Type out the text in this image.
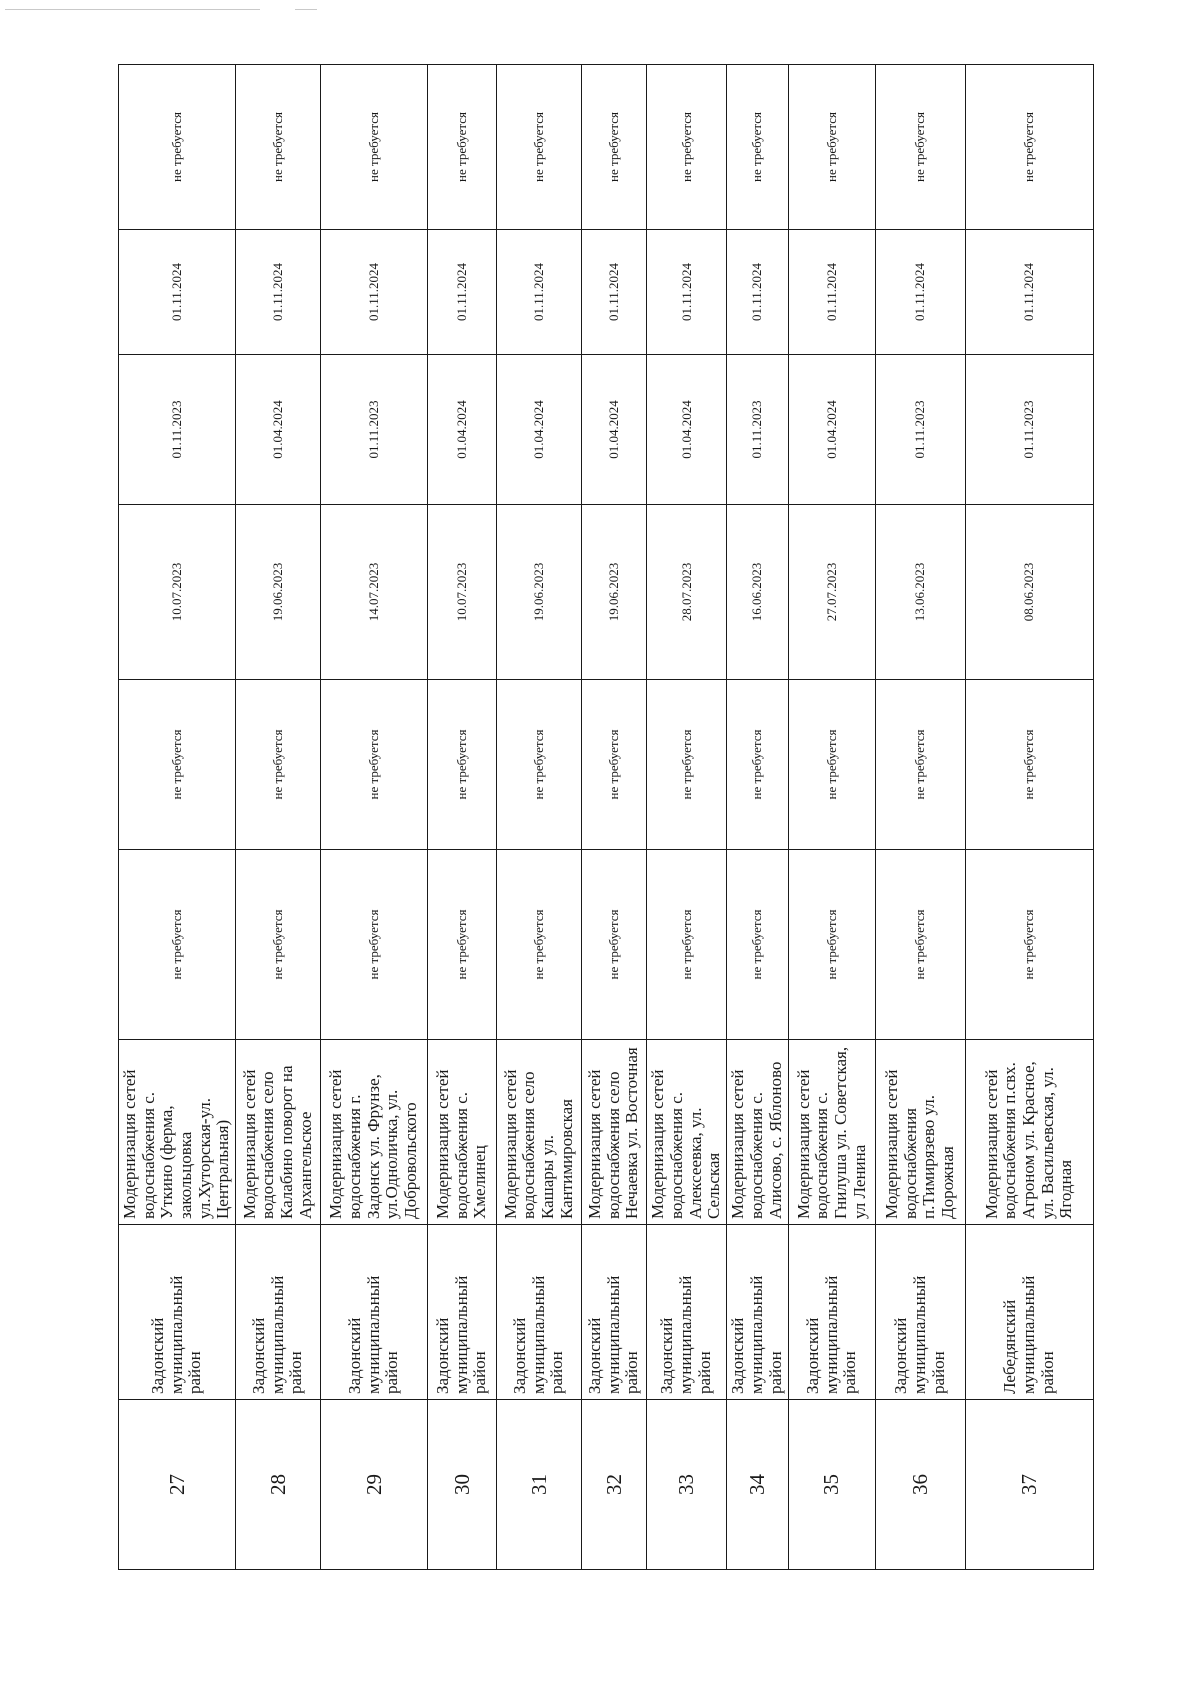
27	Задонский муниципальный район	Модернизация сетей водоснабжения с. Уткино (ферма, закольцовка ул.Хуторская-ул. Центральная)	не требуется	не требуется	10.07.2023	01.11.2023	01.11.2024	не требуется
28	Задонский муниципальный район	Модернизация сетей водоснабжения село Калабино поворот на Архангельское	не требуется	не требуется	19.06.2023	01.04.2024	01.11.2024	не требуется
29	Задонский муниципальный район	Модернизация сетей водоснабжения г. Задонск ул. Фрунзе, ул.Одноличка, ул. Добровольского	не требуется	не требуется	14.07.2023	01.11.2023	01.11.2024	не требуется
30	Задонский муниципальный район	Модернизация сетей водоснабжения с. Хмелинец	не требуется	не требуется	10.07.2023	01.04.2024	01.11.2024	не требуется
31	Задонский муниципальный район	Модернизация сетей водоснабжения село Кашары ул. Кантимировская	не требуется	не требуется	19.06.2023	01.04.2024	01.11.2024	не требуется
32	Задонский муниципальный район	Модернизация сетей водоснабжения село Нечаевка ул. Восточная	не требуется	не требуется	19.06.2023	01.04.2024	01.11.2024	не требуется
33	Задонский муниципальный район	Модернизация сетей водоснабжения с. Алексеевка, ул. Сельская	не требуется	не требуется	28.07.2023	01.04.2024	01.11.2024	не требуется
34	Задонский муниципальный район	Модернизация сетей водоснабжения с. Алисово, с. Яблоново	не требуется	не требуется	16.06.2023	01.11.2023	01.11.2024	не требуется
35	Задонский муниципальный район	Модернизация сетей водоснабжения с. Гнилуша ул. Советская, ул Ленина	не требуется	не требуется	27.07.2023	01.04.2024	01.11.2024	не требуется
36	Задонский муниципальный район	Модернизация сетей водоснабжения п.Тимирязево ул. Дорожная	не требуется	не требуется	13.06.2023	01.11.2023	01.11.2024	не требуется
37	Лебедянский муниципальный район	Модернизация сетей водоснабжения п.свх. Агроном ул. Красное, ул. Васильевская, ул. Ягодная	не требуется	не требуется	08.06.2023	01.11.2023	01.11.2024	не требуется
